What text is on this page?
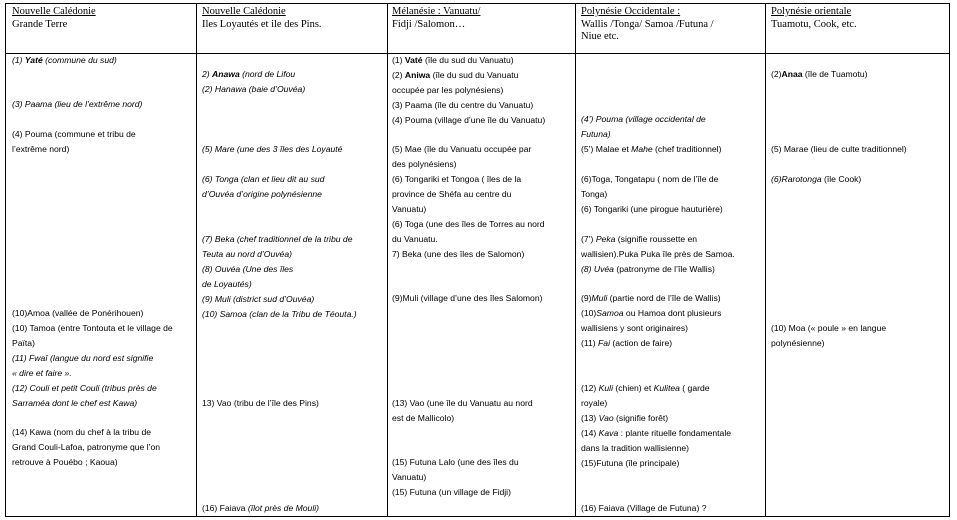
Nouvelle Calédonie
Grande Terre
Nouvelle Calédonie
Iles Loyautés et ile des Pins.
Mélanésie : Vanuatu/
Fidji /Salomon…
Polynésie Occidentale :
Wallis /Tonga/ Samoa /Futuna /
Niue etc.
Polynésie orientale
Tuamotu, Cook, etc.
(1) Yaté (commune du sud)
(3) Paama (lieu de l’extrême nord)
(4) Pouma (commune et tribu de
l’extrême nord)
(10)Amoa (vallée de Ponérihouen)
(10) Tamoa (entre Tontouta et le village de
Païta)
(11) Fwaî (langue du nord est signifie
« dire et faire ».
(12) Couli et petit Couli (tribus près de
Sarraméa dont le chef est Kawa)
(14) Kawa (nom du chef à la tribu de
Grand Couli-Lafoa, patronyme que l’on
retrouve à Pouébo ; Kaoua)
2) Anawa (nord de Lifou
(2) Hanawa (baie d’Ouvéa)
(5) Mare (une des 3 îles des Loyauté
(6) Tonga (clan et lieu dit au sud
d’Ouvéa d’origine polynésienne
(7) Beka (chef traditionnel de la tribu de
Teuta au nord d’Ouvéa)
(8) Ouvéa (Une des îles
de Loyautés)
(9) Muli (district sud d’Ouvéa)
(10) Samoa (clan de la Tribu de Téouta.)
13) Vao (tribu de l’île des Pins)
(16) Faiava (îlot près de Mouli)
(1) Vaté (île du sud du Vanuatu)
(2) Aniwa (île du sud du Vanuatu
occupée par les polynésiens)
(3) Paama (île du centre du Vanuatu)
(4) Pouma (village d’une île du Vanuatu)
(5) Mae (île du Vanuatu occupée par
des polynésiens)
(6) Tongariki et Tongoa ( îles de la
province de Shéfa au centre du
Vanuatu)
(6) Toga (une des îles de Torres au nord
du Vanuatu.
7) Beka (une des îles de Salomon)
(9)Muli (village d’une des îles Salomon)
(13) Vao (une île du Vanuatu au nord
est de Mallicolo)
(15) Futuna Lalo (une des îles du
Vanuatu)
(15) Futuna (un village de Fidji)
(4’) Pouma (village occidental de
Futuna)
(5’) Malae et Mahe (chef traditionnel)
(6)Toga, Tongatapu ( nom de l’île de
Tonga)
(6) Tongariki (une pirogue hauturière)
(7’) Peka (signifie roussette en
wallisien).Puka Puka île près de Samoa.
(8) Uvéa (patronyme de l’île Wallis)
(9)Muli (partie nord de l’île de Wallis)
(10)Samoa ou Hamoa dont plusieurs
wallisiens y sont originaires)
(11) Fai (action de faire)
(12) Kuli (chien) et Kulitea ( garde
royale)
(13) Vao (signifie forêt)
(14) Kava : plante rituelle fondamentale
dans la tradition wallisienne)
(15)Futuna (île principale)
(16) Faiava (Village de Futuna) ?
(2)Anaa (île de Tuamotu)
(5) Marae (lieu de culte traditionnel)
(6)Rarotonga (île Cook)
(10) Moa (« poule » en langue
polynésienne)
